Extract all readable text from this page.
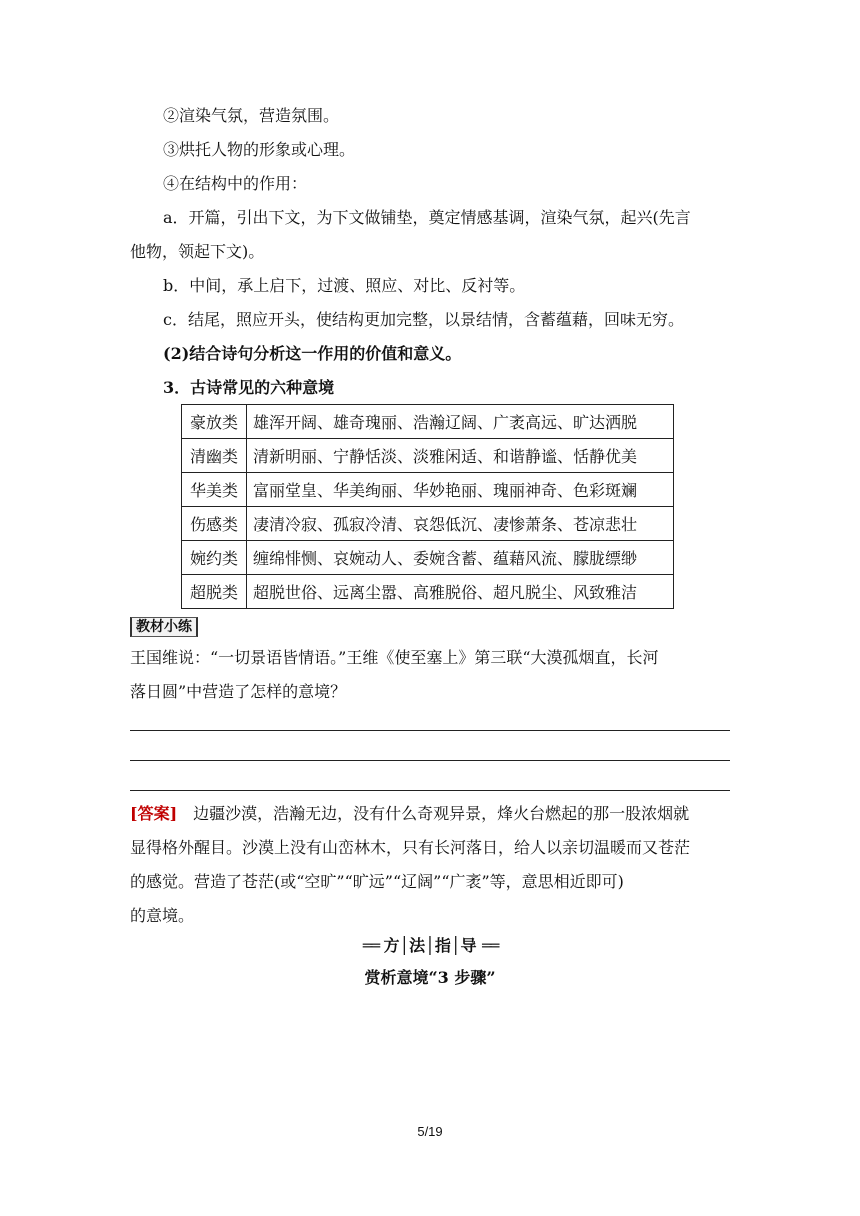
②渲染气氛，营造氛围。
③烘托人物的形象或心理。
④在结构中的作用：
a．开篇，引出下文，为下文做铺垫，奠定情感基调，渲染气氛，起兴(先言
他物，领起下文)。
b．中间，承上启下，过渡、照应、对比、反衬等。
c．结尾，照应开头，使结构更加完整，以景结情，含蓄蕴藉，回味无穷。
(2)结合诗句分析这一作用的价值和意义。
3．古诗常见的六种意境
豪放类	雄浑开阔、雄奇瑰丽、浩瀚辽阔、广袤高远、旷达洒脱
清幽类	清新明丽、宁静恬淡、淡雅闲适、和谐静谧、恬静优美
华美类	富丽堂皇、华美绚丽、华妙艳丽、瑰丽神奇、色彩斑斓
伤感类	凄清冷寂、孤寂冷清、哀怨低沉、凄惨萧条、苍凉悲壮
婉约类	缠绵悱恻、哀婉动人、委婉含蓄、蕴藉风流、朦胧缥缈
超脱类	超脱世俗、远离尘嚣、高雅脱俗、超凡脱尘、风致雅洁
教材小练
王国维说：“一切景语皆情语。”王维《使至塞上》第三联“大漠孤烟直，长河
落日圆”中营造了怎样的意境？
[答案] 边疆沙漠，浩瀚无边，没有什么奇观异景，烽火台燃起的那一股浓烟就
显得格外醒目。沙漠上没有山峦林木，只有长河落日，给人以亲切温暖而又苍茫
的感觉。营造了苍茫(或“空旷”“旷远”“辽阔”“广袤”等，意思相近即可)
的意境。
══ 方│法│指│导 ══
赏析意境“3 步骤”
5/19
